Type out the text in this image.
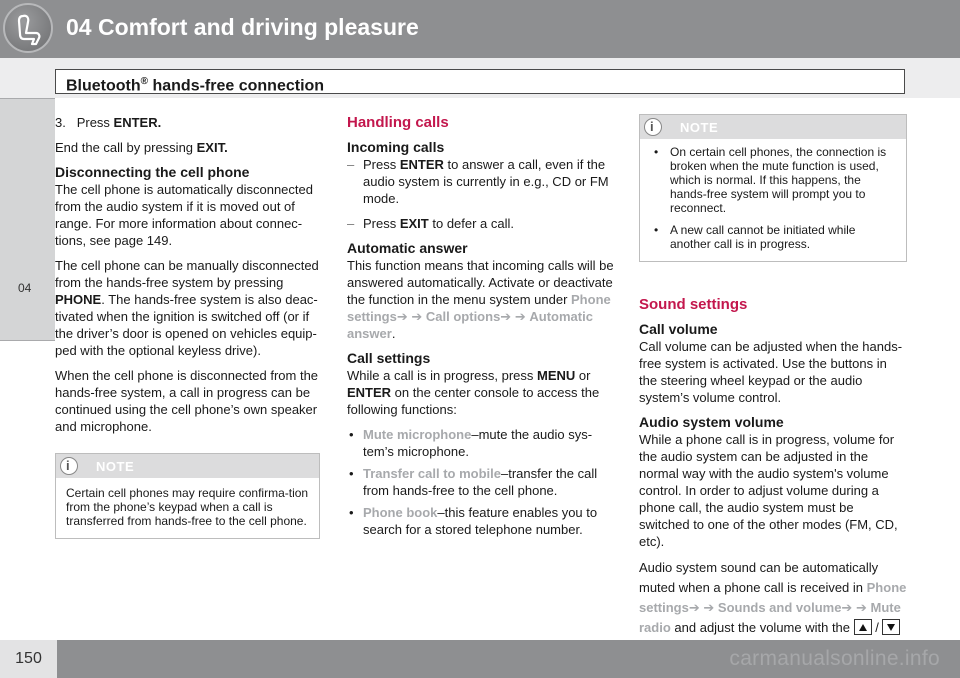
04 Comfort and driving pleasure
Bluetooth® hands-free connection
04

3. Press ENTER.

End the call by pressing EXIT.

Disconnecting the cell phone

The cell phone is automatically disconnected from the audio system if it is moved out of range. For more information about connec-tions, see page 149.

The cell phone can be manually disconnected from the hands-free system by pressing PHONE. The hands-free system is also deac-tivated when the ignition is switched off (or if the driver’s door is opened on vehicles equip-ped with the optional keyless drive).

When the cell phone is disconnected from the hands-free system, a call in progress can be continued using the cell phone’s own speaker and microphone.

i
NOTE
Certain cell phones may require confirma-tion from the phone’s keypad when a call is transferred from hands-free to the cell phone.
Handling calls
Incoming calls
– Press ENTER to answer a call, even if the audio system is currently in e.g., CD or FM mode.
– Press EXIT to defer a call.
Automatic answer

This function means that incoming calls will be answered automatically. Activate or deactivate the function in the menu system under Phone settings➔ ➔ Call options➔ ➔ Automatic answer.

Call settings

While a call is in progress, press MENU or ENTER on the center console to access the following functions:

• Mute microphone–mute the audio sys-tem’s microphone.
• Transfer call to mobile–transfer the call from hands-free to the cell phone.
• Phone book–this feature enables you to search for a stored telephone number.
i
NOTE
• On certain cell phones, the connection is broken when the mute function is used, which is normal. If this happens, the hands-free system will prompt you to reconnect.
• A new call cannot be initiated while another call is in progress.
Sound settings
Call volume

Call volume can be adjusted when the hands-free system is activated. Use the buttons in the steering wheel keypad or the audio system’s volume control.

Audio system volume

While a phone call is in progress, volume for the audio system can be adjusted in the normal way with the audio system's volume control. In order to adjust volume during a phone call, the audio system must be switched to one of the other modes (FM, CD, etc).

Audio system sound can be automatically muted when a phone call is received in Phone settings➔ ➔ Sounds and volume➔ ➔ Mute radio and adjust the volume with the  /

150	carmanualsonline.info
